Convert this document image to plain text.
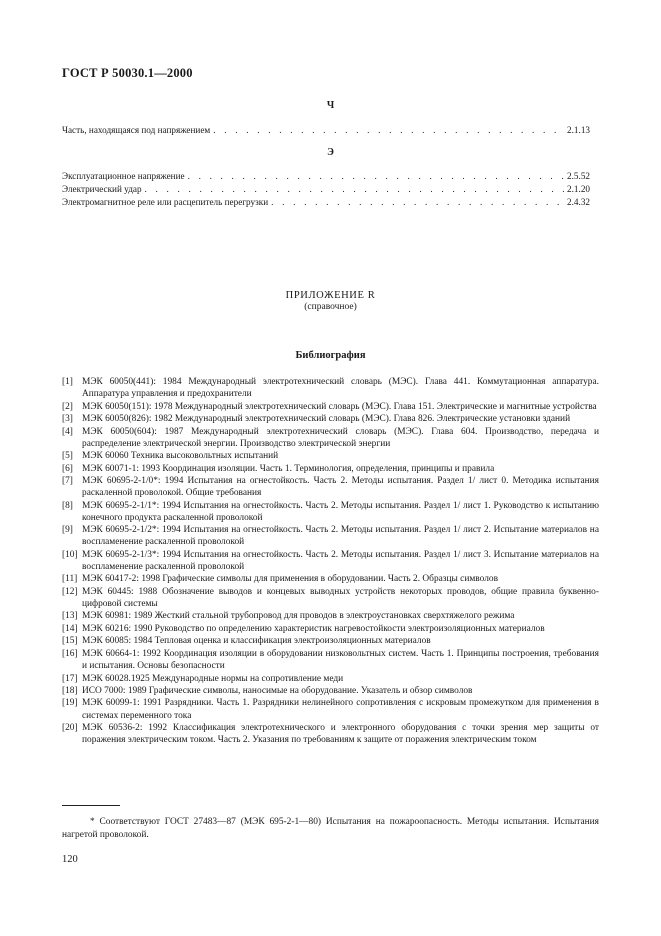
ГОСТ Р 50030.1—2000
Ч
Часть, находящаяся под напряжением . . .	2.1.13
Э
Эксплуатационное напряжение . . .	2.5.52
Электрический удар . . .	2.1.20
Электромагнитное реле или расцепитель перегрузки . . .	2.4.32
ПРИЛОЖЕНИЕ R
(справочное)
Библиография
[1] МЭК 60050(441): 1984 Международный электротехнический словарь (МЭС). Глава 441. Коммутационная аппаратура. Аппаратура управления и предохранители
[2] МЭК 60050(151): 1978 Международный электротехнический словарь (МЭС). Глава 151. Электрические и магнитные устройства
[3] МЭК 60050(826): 1982 Международный электротехнический словарь (МЭС). Глава 826. Электрические установки зданий
[4] МЭК 60050(604): 1987 Международный электротехнический словарь (МЭС). Глава 604. Производство, передача и распределение электрической энергии. Производство электрической энергии
[5] МЭК 60060 Техника высоковольтных испытаний
[6] МЭК 60071-1: 1993 Координация изоляции. Часть 1. Терминология, определения, принципы и правила
[7] МЭК 60695-2-1/0*: 1994 Испытания на огнестойкость. Часть 2. Методы испытания. Раздел 1/ лист 0. Методика испытания раскаленной проволокой. Общие требования
[8] МЭК 60695-2-1/1*: 1994 Испытания на огнестойкость. Часть 2. Методы испытания. Раздел 1/ лист 1. Руководство к испытанию конечного продукта раскаленной проволокой
[9] МЭК 60695-2-1/2*: 1994 Испытания на огнестойкость. Часть 2. Методы испытания. Раздел 1/ лист 2. Испытание материалов на воспламенение раскаленной проволокой
[10] МЭК 60695-2-1/3*: 1994 Испытания на огнестойкость. Часть 2. Методы испытания. Раздел 1/ лист 3. Испытание материалов на воспламенение раскаленной проволокой
[11] МЭК 60417-2: 1998 Графические символы для применения в оборудовании. Часть 2. Образцы символов
[12] МЭК 60445: 1988 Обозначение выводов и концевых выводных устройств некоторых проводов, общие правила буквенно-цифровой системы
[13] МЭК 60981: 1989 Жесткий стальной трубопровод для проводов в электроустановках сверхтяжелого режима
[14] МЭК 60216: 1990 Руководство по определению характеристик нагревостойкости электроизоляционных материалов
[15] МЭК 60085: 1984 Тепловая оценка и классификация электроизоляционных материалов
[16] МЭК 60664-1: 1992 Координация изоляции в оборудовании низковольтных систем. Часть 1. Принципы построения, требования и испытания. Основы безопасности
[17] МЭК 60028.1925 Международные нормы на сопротивление меди
[18] ИСО 7000: 1989 Графические символы, наносимые на оборудование. Указатель и обзор символов
[19] МЭК 60099-1: 1991 Разрядники. Часть 1. Разрядники нелинейного сопротивления с искровым промежутком для применения в системах переменного тока
[20] МЭК 60536-2: 1992 Классификация электротехнического и электронного оборудования с точки зрения мер защиты от поражения электрическим током. Часть 2. Указания по требованиям к защите от поражения электрическим током
* Соответствуют ГОСТ 27483—87 (МЭК 695-2-1—80) Испытания на пожароопасность. Методы испытания. Испытания нагретой проволокой.
120
